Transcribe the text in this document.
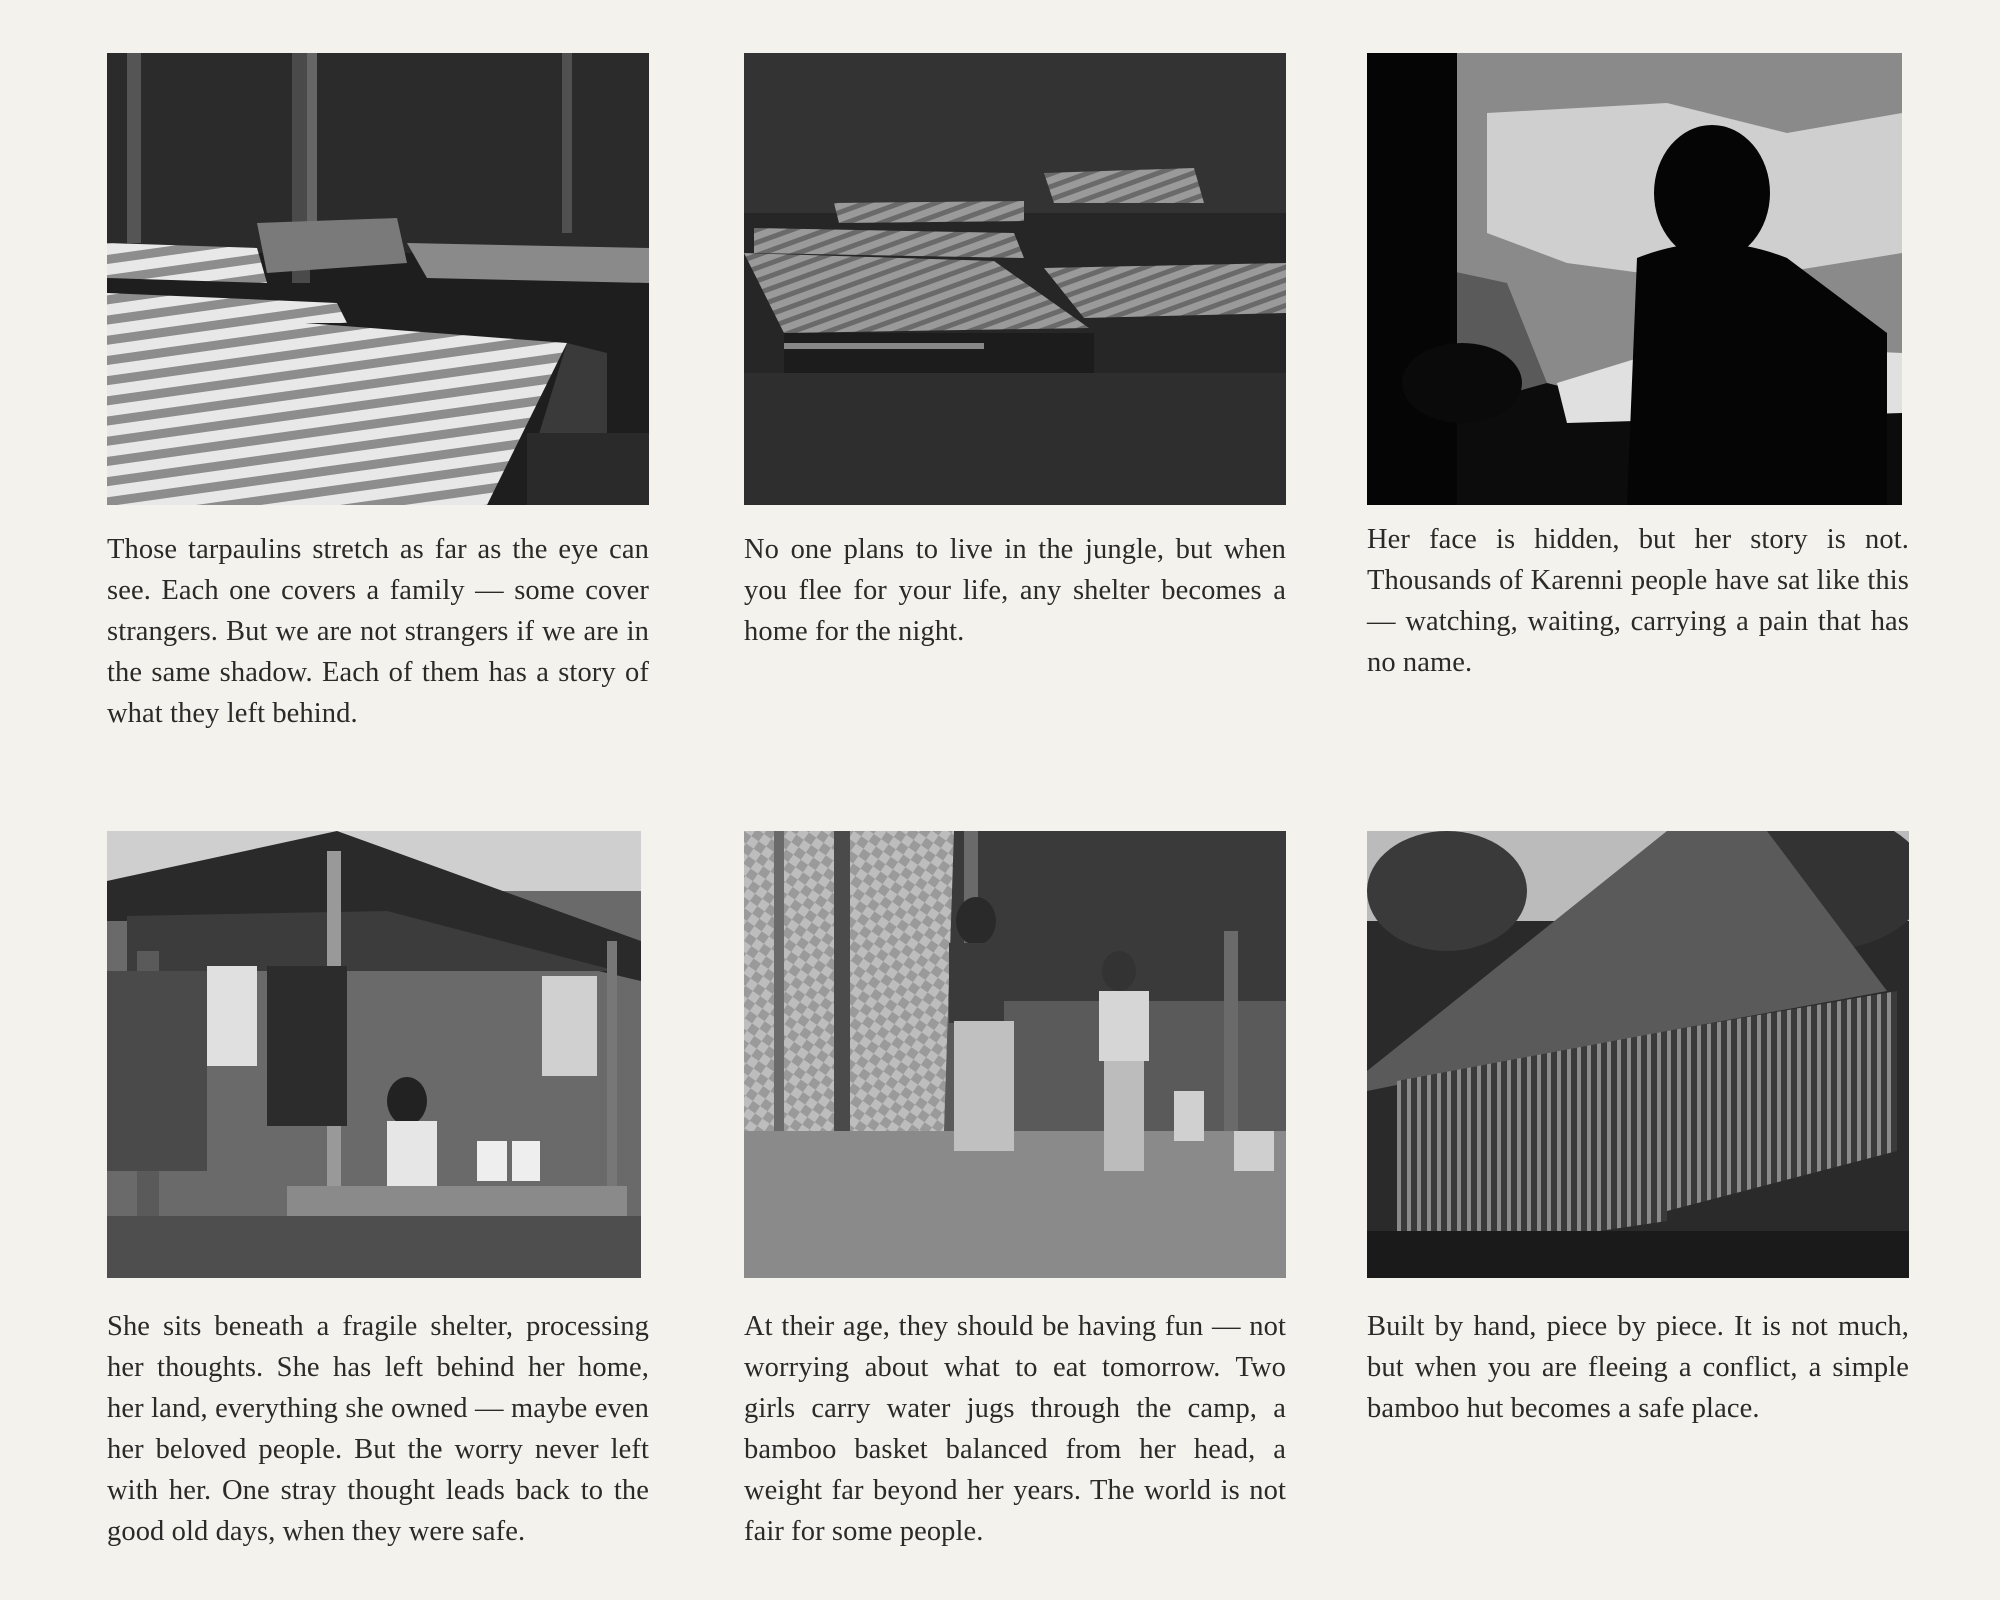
Those tarpaulins stretch as far as the eye can see. Each one covers a family — some cover strangers. But we are not strangers if we are in the same shadow. Each of them has a story of what they left behind.

No one plans to live in the jungle, but when you flee for your life, any shelter becomes a home for the night.

Her face is hidden, but her story is not. Thousands of Karenni people have sat like this — watching, waiting, carrying a pain that has no name.

She sits beneath a fragile shelter, processing her thoughts. She has left behind her home, her land, everything she owned — maybe even her beloved people. But the worry never left with her. One stray thought leads back to the good old days, when they were safe.

At their age, they should be having fun — not worrying about what to eat tomorrow. Two girls carry water jugs through the camp, a bamboo basket balanced from her head, a weight far beyond her years. The world is not fair for some people.

Built by hand, piece by piece. It is not much, but when you are fleeing a conflict, a simple bamboo hut becomes a safe place.
